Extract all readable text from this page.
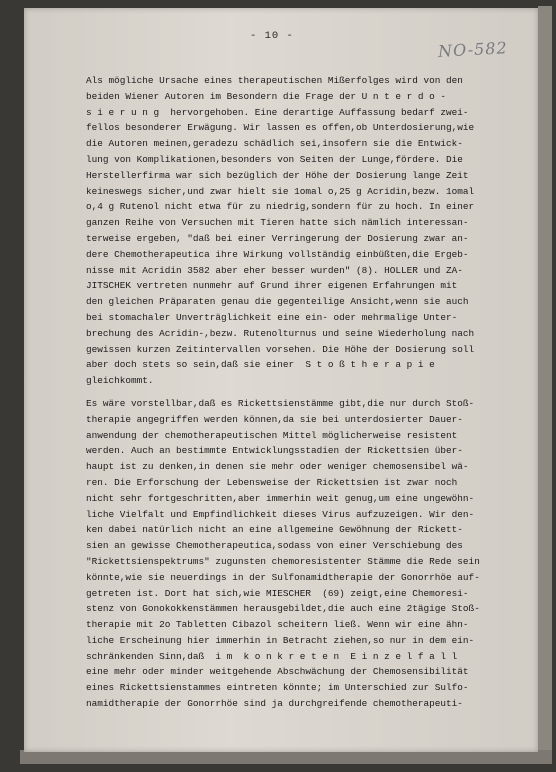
- 10 -
NO-582
Als mögliche Ursache eines therapeutischen Mißerfolges wird von den
beiden Wiener Autoren im Besondern die Frage der U n t e r d o -
s i e r u n g  hervorgehoben. Eine derartige Auffassung bedarf zwei-
fellos besonderer Erwägung. Wir lassen es offen,ob Unterdosierung,wie
die Autoren meinen,geradezu schädlich sei,insofern sie die Entwick-
lung von Komplikationen,besonders von Seiten der Lunge,fördere. Die
Herstellerfirma war sich bezüglich der Höhe der Dosierung lange Zeit
keineswegs sicher,und zwar hielt sie 1omal o,25 g Acridin,bezw. 1omal
o,4 g Rutenol nicht etwa für zu niedrig,sondern für zu hoch. In einer
ganzen Reihe von Versuchen mit Tieren hatte sich nämlich interessan-
terweise ergeben, "daß bei einer Verringerung der Dosierung zwar an-
dere Chemotherapeutica ihre Wirkung vollständig einbüßten,die Ergeb-
nisse mit Acridin 3582 aber eher besser wurden" (8). HOLLER und ZA-
JITSCHEK vertreten nunmehr auf Grund ihrer eigenen Erfahrungen mit
den gleichen Präparaten genau die gegenteilige Ansicht,wenn sie auch
bei stomachaler Unverträglichkeit eine ein- oder mehrmalige Unter-
brechung des Acridin-,bezw. Rutenolturnus und seine Wiederholung nach
gewissen kurzen Zeitintervallen vorsehen. Die Höhe der Dosierung soll
aber doch stets so sein,daß sie einer  S t o ß t h e r a p i e
gleichkommt.
Es wäre vorstellbar,daß es Rickettsienstämme gibt,die nur durch Stoß-
therapie angegriffen werden können,da sie bei unterdosierter Dauer-
anwendung der chemotherapeutischen Mittel möglicherweise resistent
werden. Auch an bestimmte Entwicklungsstadien der Rickettsien über-
haupt ist zu denken,in denen sie mehr oder weniger chemosensibel wä-
ren. Die Erforschung der Lebensweise der Rickettsien ist zwar noch
nicht sehr fortgeschritten,aber immerhin weit genug,um eine ungewöhn-
liche Vielfalt und Empfindlichkeit dieses Virus aufzuzeigen. Wir den-
ken dabei natürlich nicht an eine allgemeine Gewöhnung der Rickett-
sien an gewisse Chemotherapeutica,sodass von einer Verschiebung des
"Rickettsienspektrums" zugunsten chemoresistenter Stämme die Rede sein
könnte,wie sie neuerdings in der Sulfonamidtherapie der Gonorrhöe auf-
getreten ist. Dort hat sich,wie MIESCHER  (69) zeigt,eine Chemoresi-
stenz von Gonokokkenstämmen herausgebildet,die auch eine 2tägige Stoß-
therapie mit 2o Tabletten Cibazol scheitern ließ. Wenn wir eine ähn-
liche Erscheinung hier immerhin in Betracht ziehen,so nur in dem ein-
schränkenden Sinn,daß  i m  k o n k r e t e n  E i n z e l f a l l
eine mehr oder minder weitgehende Abschwächung der Chemosensibilität
eines Rickettsienstammes eintreten könnte; im Unterschied zur Sulfo-
namidtherapie der Gonorrhöe sind ja durchgreifende chemotherapeuti-
